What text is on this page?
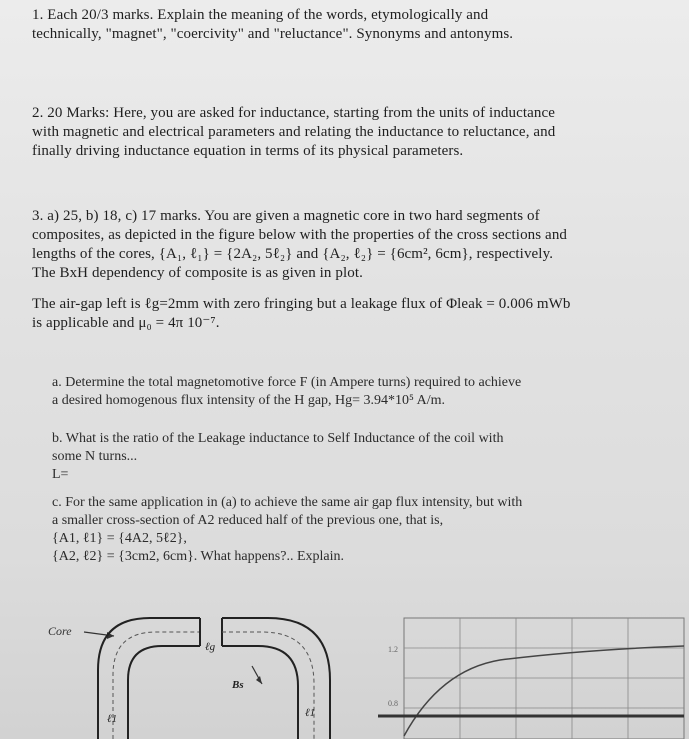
1. Each 20/3 marks. Explain the meaning of the words, etymologically and
technically, "magnet", "coercivity" and "reluctance". Synonyms and antonyms.
2. 20 Marks: Here, you are asked for inductance, starting from the units of inductance
with magnetic and electrical parameters and relating the inductance to reluctance, and
finally driving inductance equation in terms of its physical parameters.
3. a) 25, b) 18, c) 17 marks. You are given a magnetic core in two hard segments of
composites, as depicted in the figure below with the properties of the cross sections and
lengths of the cores, {A₁, ℓ₁} = {2A₂, 5ℓ₂} and {A₂, ℓ₂} = {6cm², 6cm}, respectively.
The BxH dependency of composite is as given in plot.
The air-gap left is ℓg=2mm with zero fringing but a leakage flux of Φleak = 0.006 mWb
is applicable and μ₀ = 4π 10⁻⁷.
a. Determine the total magnetomotive force F (in Ampere turns) required to achieve
a desired homogenous flux intensity of the H gap, Hg= 3.94*10⁵ A/m.
b. What is the ratio of the Leakage inductance to Self Inductance of the coil with
some N turns...
L=
c. For the same application in (a) to achieve the same air gap flux intensity, but with
a smaller cross-section of A2 reduced half of the previous one, that is,
{A1, ℓ1} = {4A2, 5ℓ2},
{A2, ℓ2} = {3cm2, 6cm}. What happens?.. Explain.
Core
ℓg
Bs
ℓ1	ℓ1
1.2
0.8
